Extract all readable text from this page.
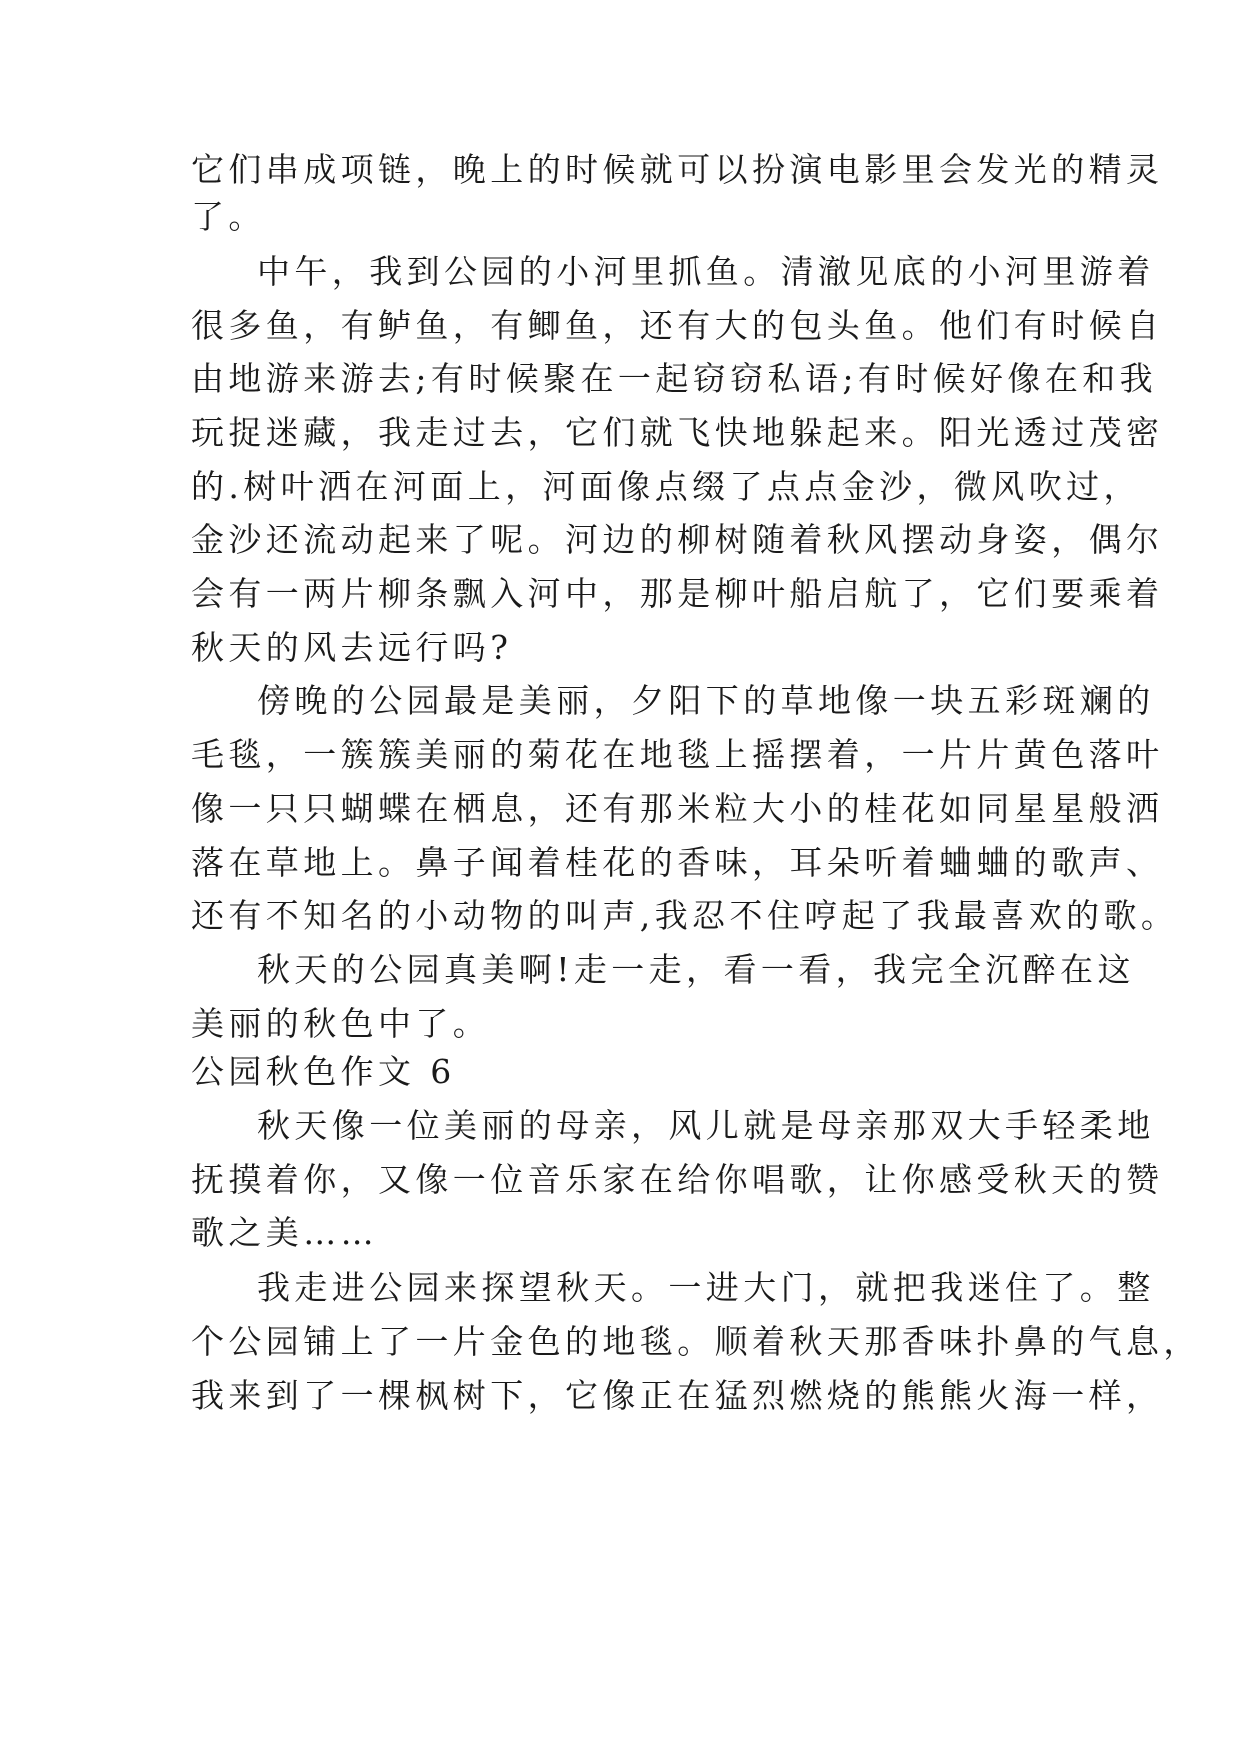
它们串成项链，晚上的时候就可以扮演电影里会发光的精灵
了。
中午，我到公园的小河里抓鱼。清澈见底的小河里游着
很多鱼，有鲈鱼，有鲫鱼，还有大的包头鱼。他们有时候自
由地游来游去;有时候聚在一起窃窃私语;有时候好像在和我
玩捉迷藏，我走过去，它们就飞快地躲起来。阳光透过茂密
的.树叶洒在河面上，河面像点缀了点点金沙，微风吹过，
金沙还流动起来了呢。河边的柳树随着秋风摆动身姿，偶尔
会有一两片柳条飘入河中，那是柳叶船启航了，它们要乘着
秋天的风去远行吗?
傍晚的公园最是美丽，夕阳下的草地像一块五彩斑斓的
毛毯，一簇簇美丽的菊花在地毯上摇摆着，一片片黄色落叶
像一只只蝴蝶在栖息，还有那米粒大小的桂花如同星星般洒
落在草地上。鼻子闻着桂花的香味，耳朵听着蛐蛐的歌声、
还有不知名的小动物的叫声,我忍不住哼起了我最喜欢的歌。
秋天的公园真美啊!走一走，看一看，我完全沉醉在这
美丽的秋色中了。
公园秋色作文 6
秋天像一位美丽的母亲，风儿就是母亲那双大手轻柔地
抚摸着你，又像一位音乐家在给你唱歌，让你感受秋天的赞
歌之美……
我走进公园来探望秋天。一进大门，就把我迷住了。整
个公园铺上了一片金色的地毯。顺着秋天那香味扑鼻的气息，
我来到了一棵枫树下，它像正在猛烈燃烧的熊熊火海一样，
